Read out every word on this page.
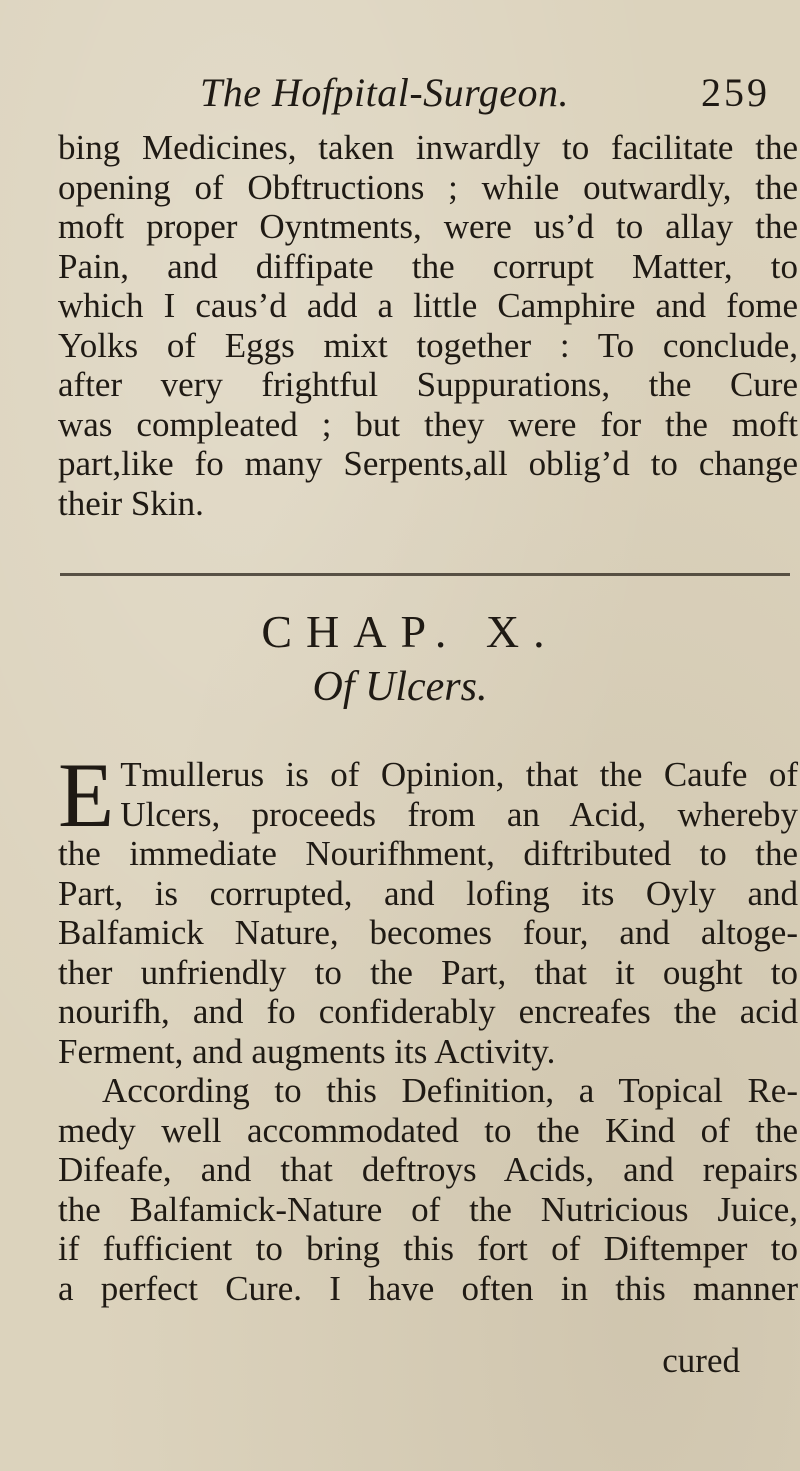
The Hofpital-Surgeon.	259
bing Medicines, taken inwardly to facilitate the
opening of Obftructions ; while outwardly, the
moft proper Oyntments, were us’d to allay the
Pain, and diffipate the corrupt Matter, to
which I caus’d add a little Camphire and fome
Yolks of Eggs mixt together : To conclude,
after very frightful Suppurations, the Cure
was compleated ; but they were for the moft
part,like fo many Serpents,all oblig’d to change
their Skin.
CHAP. X.
Of Ulcers.
E Tmullerus is of Opinion, that the Caufe of
Ulcers, proceeds from an Acid, whereby
the immediate Nourifhment, diftributed to the
Part, is corrupted, and lofing its Oyly and
Balfamick Nature, becomes four, and altoge-
ther unfriendly to the Part, that it ought to
nourifh, and fo confiderably encreafes the acid
Ferment, and augments its Activity.
According to this Definition, a Topical Re-
medy well accommodated to the Kind of the
Difeafe, and that deftroys Acids, and repairs
the Balfamick-Nature of the Nutricious Juice,
if fufficient to bring this fort of Diftemper to
a perfect Cure. I have often in this manner
cured
